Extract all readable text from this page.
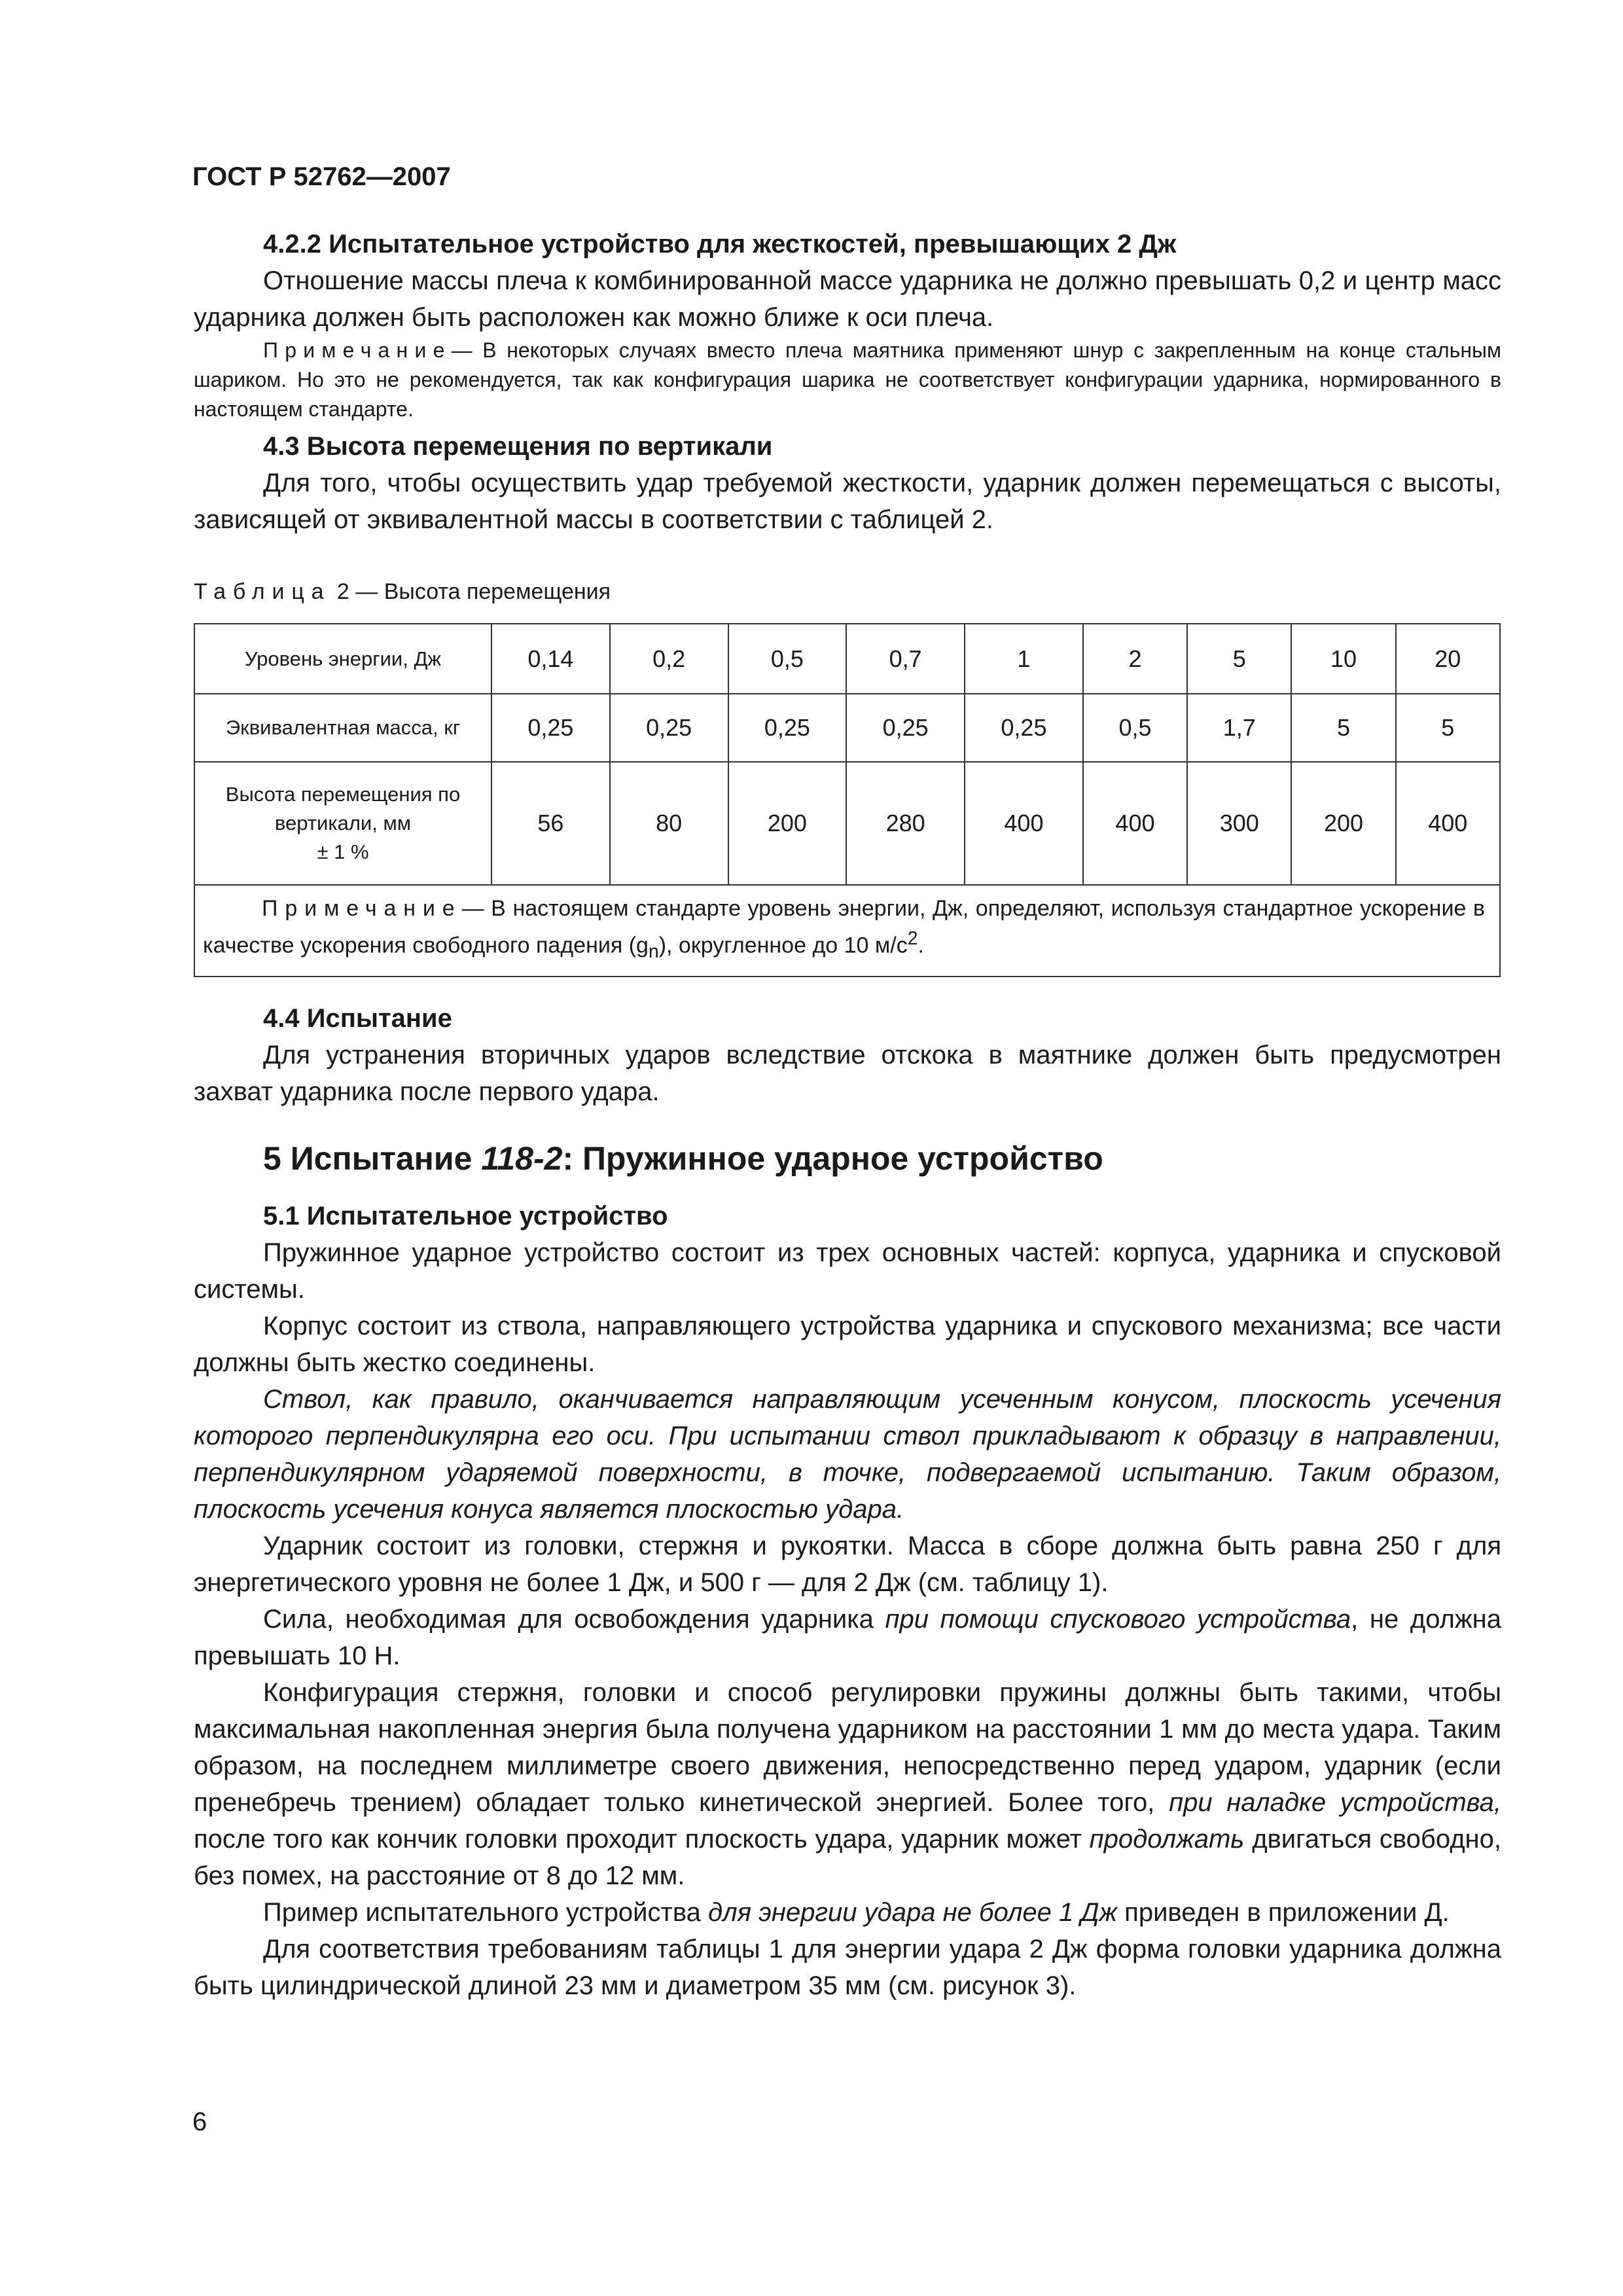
ГОСТ Р 52762—2007

4.2.2 Испытательное устройство для жесткостей, превышающих 2 Дж

Отношение массы плеча к комбинированной массе ударника не должно превышать 0,2 и центр масс ударника должен быть расположен как можно ближе к оси плеча.

Примечание— В некоторых случаях вместо плеча маятника применяют шнур с закрепленным на конце стальным шариком. Но это не рекомендуется, так как конфигурация шарика не соответствует конфигурации ударника, нормированного в настоящем стандарте.

4.3 Высота перемещения по вертикали

Для того, чтобы осуществить удар требуемой жесткости, ударник должен перемещаться с высоты, зависящей от эквивалентной массы в соответствии с таблицей 2.

Таблица 2 — Высота перемещения
Уровень энергии, Дж	0,14	0,2	0,5	0,7	1	2	5	10	20
Эквивалентная масса, кг	0,25	0,25	0,25	0,25	0,25	0,5	1,7	5	5

Высота перемещения по
вертикали, мм
± 1 %	56	80	200	280	400	400	300	200	400
Примечание— В настоящем стандарте уровень энергии, Дж, определяют, используя стандартное ускорение в качестве ускорения свободного падения $(g_n)$, округленное до 10 $м/с^2$.									
4.4 Испытание

Для устранения вторичных ударов вследствие отскока в маятнике должен быть предусмотрен захват ударника после первого удара.

5 Испытание 118-2: Пружинное ударное устройство
5.1 Испытательное устройство

Пружинное ударное устройство состоит из трех основных частей: корпуса, ударника и спусковой системы.

Корпус состоит из ствола, направляющего устройства ударника и спускового механизма; все части должны быть жестко соединены.

Ствол, как правило, оканчивается направляющим усеченным конусом, плоскость усечения которого перпендикулярна его оси. При испытании ствол прикладывают к образцу в направлении, перпендикулярном ударяемой поверхности, в точке, подвергаемой испытанию. Таким образом, плоскость усечения конуса является плоскостью удара.

Ударник состоит из головки, стержня и рукоятки. Масса в сборе должна быть равна 250 г для энергетического уровня не более 1 Дж, и 500 г — для 2 Дж (см. таблицу 1).

Сила, необходимая для освобождения ударника при помощи спускового устройства, не должна превышать 10 Н.

Конфигурация стержня, головки и способ регулировки пружины должны быть такими, чтобы максимальная накопленная энергия была получена ударником на расстоянии 1 мм до места удара. Таким образом, на последнем миллиметре своего движения, непосредственно перед ударом, ударник (если пренебречь трением) обладает только кинетической энергией. Более того, при наладке устройства, после того как кончик головки проходит плоскость удара, ударник может продолжать двигаться свободно, без помех, на расстояние от 8 до 12 мм.

Пример испытательного устройства для энергии удара не более 1 Дж приведен в приложении Д.

Для соответствия требованиям таблицы 1 для энергии удара 2 Дж форма головки ударника должна быть цилиндрической длиной 23 мм и диаметром 35 мм (см. рисунок 3).

6
